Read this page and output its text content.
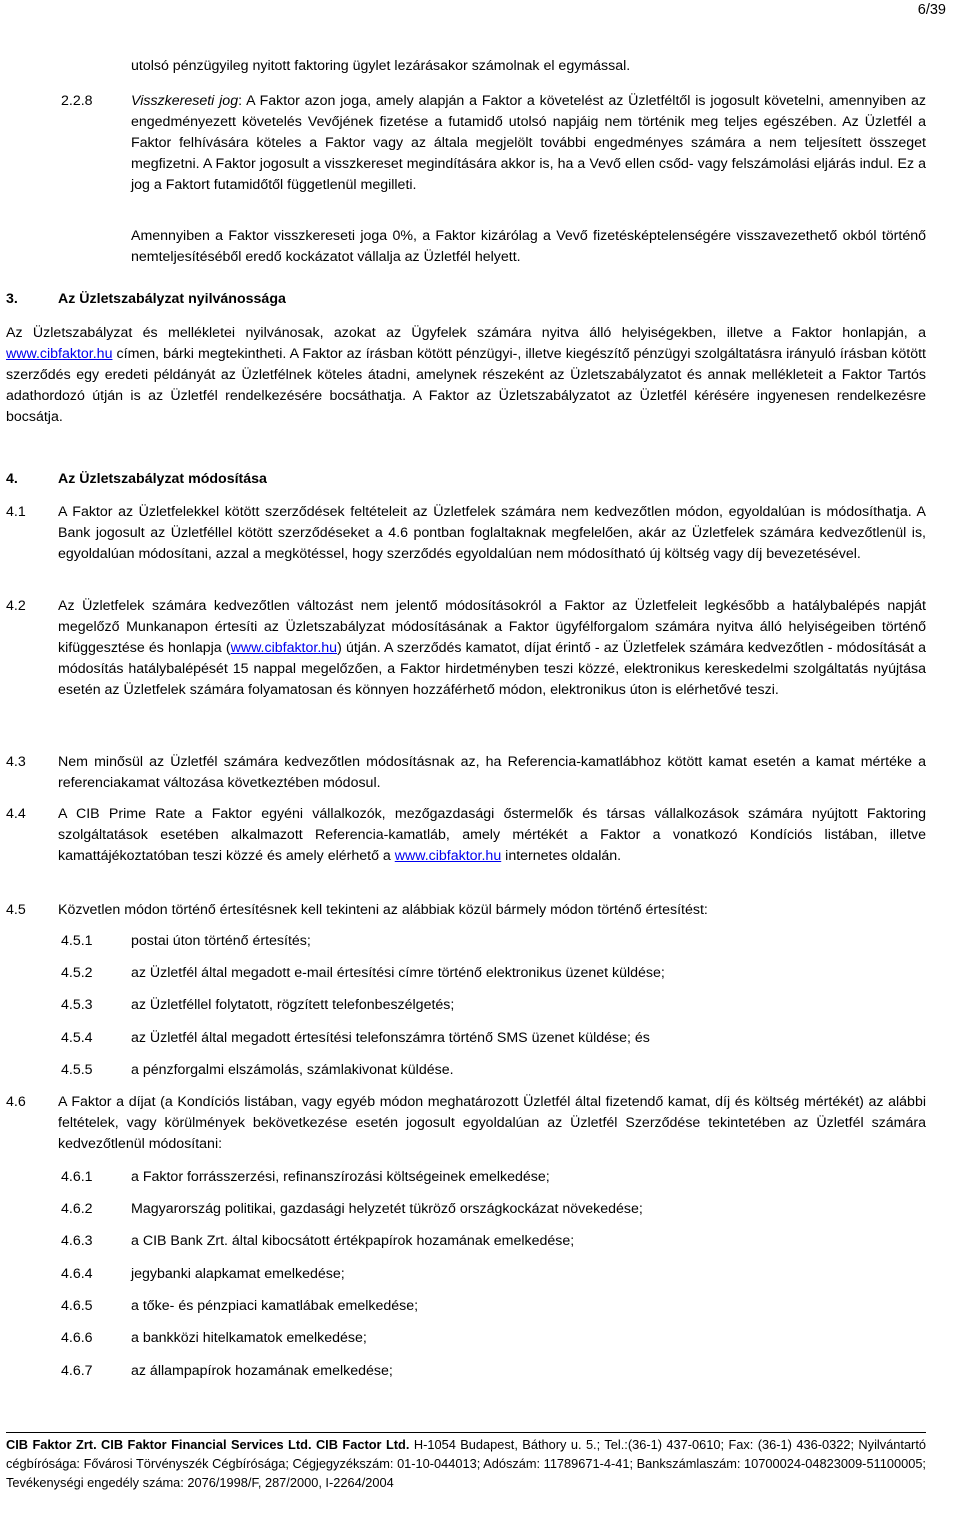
6/39
utolsó pénzügyileg nyitott faktoring ügylet lezárásakor számolnak el egymással.
2.2.8	Visszkereseti jog: A Faktor azon joga, amely alapján a Faktor a követelést az Üzletféltől is jogosult követelni, amennyiben az engedményezett követelés Vevőjének fizetése a futamidő utolsó napjáig nem történik meg teljes egészében. Az Üzletfél a Faktor felhívására köteles a Faktor vagy az általa megjelölt további engedményes számára a nem teljesített összeget megfizetni. A Faktor jogosult a visszkereset megindítására akkor is, ha a Vevő ellen csőd- vagy felszámolási eljárás indul. Ez a jog a Faktort futamidőtől függetlenül megilleti.
Amennyiben a Faktor visszkereseti joga 0%, a Faktor kizárólag a Vevő fizetésképtelenségére visszavezethető okból történő nemteljesítéséből eredő kockázatot vállalja az Üzletfél helyett.
3.	Az Üzletszabályzat nyilvánossága
Az Üzletszabályzat és mellékletei nyilvánosak, azokat az Ügyfelek számára nyitva álló helyiségekben, illetve a Faktor honlapján, a www.cibfaktor.hu címen, bárki megtekintheti. A Faktor az írásban kötött pénzügyi-, illetve kiegészítő pénzügyi szolgáltatásra irányuló írásban kötött szerződés egy eredeti példányát az Üzletfélnek köteles átadni, amelynek részeként az Üzletszabályzatot és annak mellékleteit a Faktor Tartós adathordozó útján is az Üzletfél rendelkezésére bocsáthatja. A Faktor az Üzletszabályzatot az Üzletfél kérésére ingyenesen rendelkezésre bocsátja.
4.	Az Üzletszabályzat módosítása
4.1	A Faktor az Üzletfelekkel kötött szerződések feltételeit az Üzletfelek számára nem kedvezőtlen módon, egyoldalúan is módosíthatja. A Bank jogosult az Üzletféllel kötött szerződéseket a 4.6 pontban foglaltaknak megfelelően, akár az Üzletfelek számára kedvezőtlenül is, egyoldalúan módosítani, azzal a megkötéssel, hogy szerződés egyoldalúan nem módosítható új költség vagy díj bevezetésével.
4.2	Az Üzletfelek számára kedvezőtlen változást nem jelentő módosításokról a Faktor az Üzletfeleit legkésőbb a hatálybalépés napját megelőző Munkanapon értesíti az Üzletszabályzat módosításának a Faktor ügyfélforgalom számára nyitva álló helyiségeiben történő kifüggesztése és honlapja (www.cibfaktor.hu) útján. A szerződés kamatot, díjat érintő - az Üzletfelek számára kedvezőtlen - módosítását a módosítás hatálybalépését 15 nappal megelőzően, a Faktor hirdetményben teszi közzé, elektronikus kereskedelmi szolgáltatás nyújtása esetén az Üzletfelek számára folyamatosan és könnyen hozzáférhető módon, elektronikus úton is elérhetővé teszi.
4.3	Nem minősül az Üzletfél számára kedvezőtlen módosításnak az, ha Referencia-kamatlábhoz kötött kamat esetén a kamat mértéke a referenciakamat változása következtében módosul.
4.4	A CIB Prime Rate a Faktor egyéni vállalkozók, mezőgazdasági őstermelők és társas vállalkozások számára nyújtott Faktoring szolgáltatások esetében alkalmazott Referencia-kamatláb, amely mértékét a Faktor a vonatkozó Kondíciós listában, illetve kamattájékoztatóban teszi közzé és amely elérhető a www.cibfaktor.hu internetes oldalán.
4.5	Közvetlen módon történő értesítésnek kell tekinteni az alábbiak közül bármely módon történő értesítést:
4.5.1	postai úton történő értesítés;
4.5.2	az Üzletfél által megadott e-mail értesítési címre történő elektronikus üzenet küldése;
4.5.3	az Üzletféllel folytatott, rögzített telefonbeszélgetés;
4.5.4	az Üzletfél által megadott értesítési telefonszámra történő SMS üzenet küldése; és
4.5.5	a pénzforgalmi elszámolás, számlakivonat küldése.
4.6	A Faktor a díjat (a Kondíciós listában, vagy egyéb módon meghatározott Üzletfél által fizetendő kamat, díj és költség mértékét) az alábbi feltételek, vagy körülmények bekövetkezése esetén jogosult egyoldalúan az Üzletfél Szerződése tekintetében az Üzletfél számára kedvezőtlenül módosítani:
4.6.1	a Faktor forrásszerzési, refinanszírozási költségeinek emelkedése;
4.6.2	Magyarország politikai, gazdasági helyzetét tükröző országkockázat növekedése;
4.6.3	a CIB Bank Zrt. által kibocsátott értékpapírok hozamának emelkedése;
4.6.4	jegybanki alapkamat emelkedése;
4.6.5	a tőke- és pénzpiaci kamatlábak emelkedése;
4.6.6	a bankközi hitelkamatok emelkedése;
4.6.7	az állampapírok hozamának emelkedése;
CIB Faktor Zrt. CIB Faktor Financial Services Ltd. CIB Factor Ltd. H-1054 Budapest, Báthory u. 5.; Tel.:(36-1) 437-0610; Fax: (36-1) 436-0322; Nyilvántartó cégbírósága: Fővárosi Törvényszék Cégbírósága; Cégjegyzékszám: 01-10-044013; Adószám: 11789671-4-41; Bankszámlaszám: 10700024-04823009-51100005; Tevékenységi engedély száma: 2076/1998/F, 287/2000, I-2264/2004
